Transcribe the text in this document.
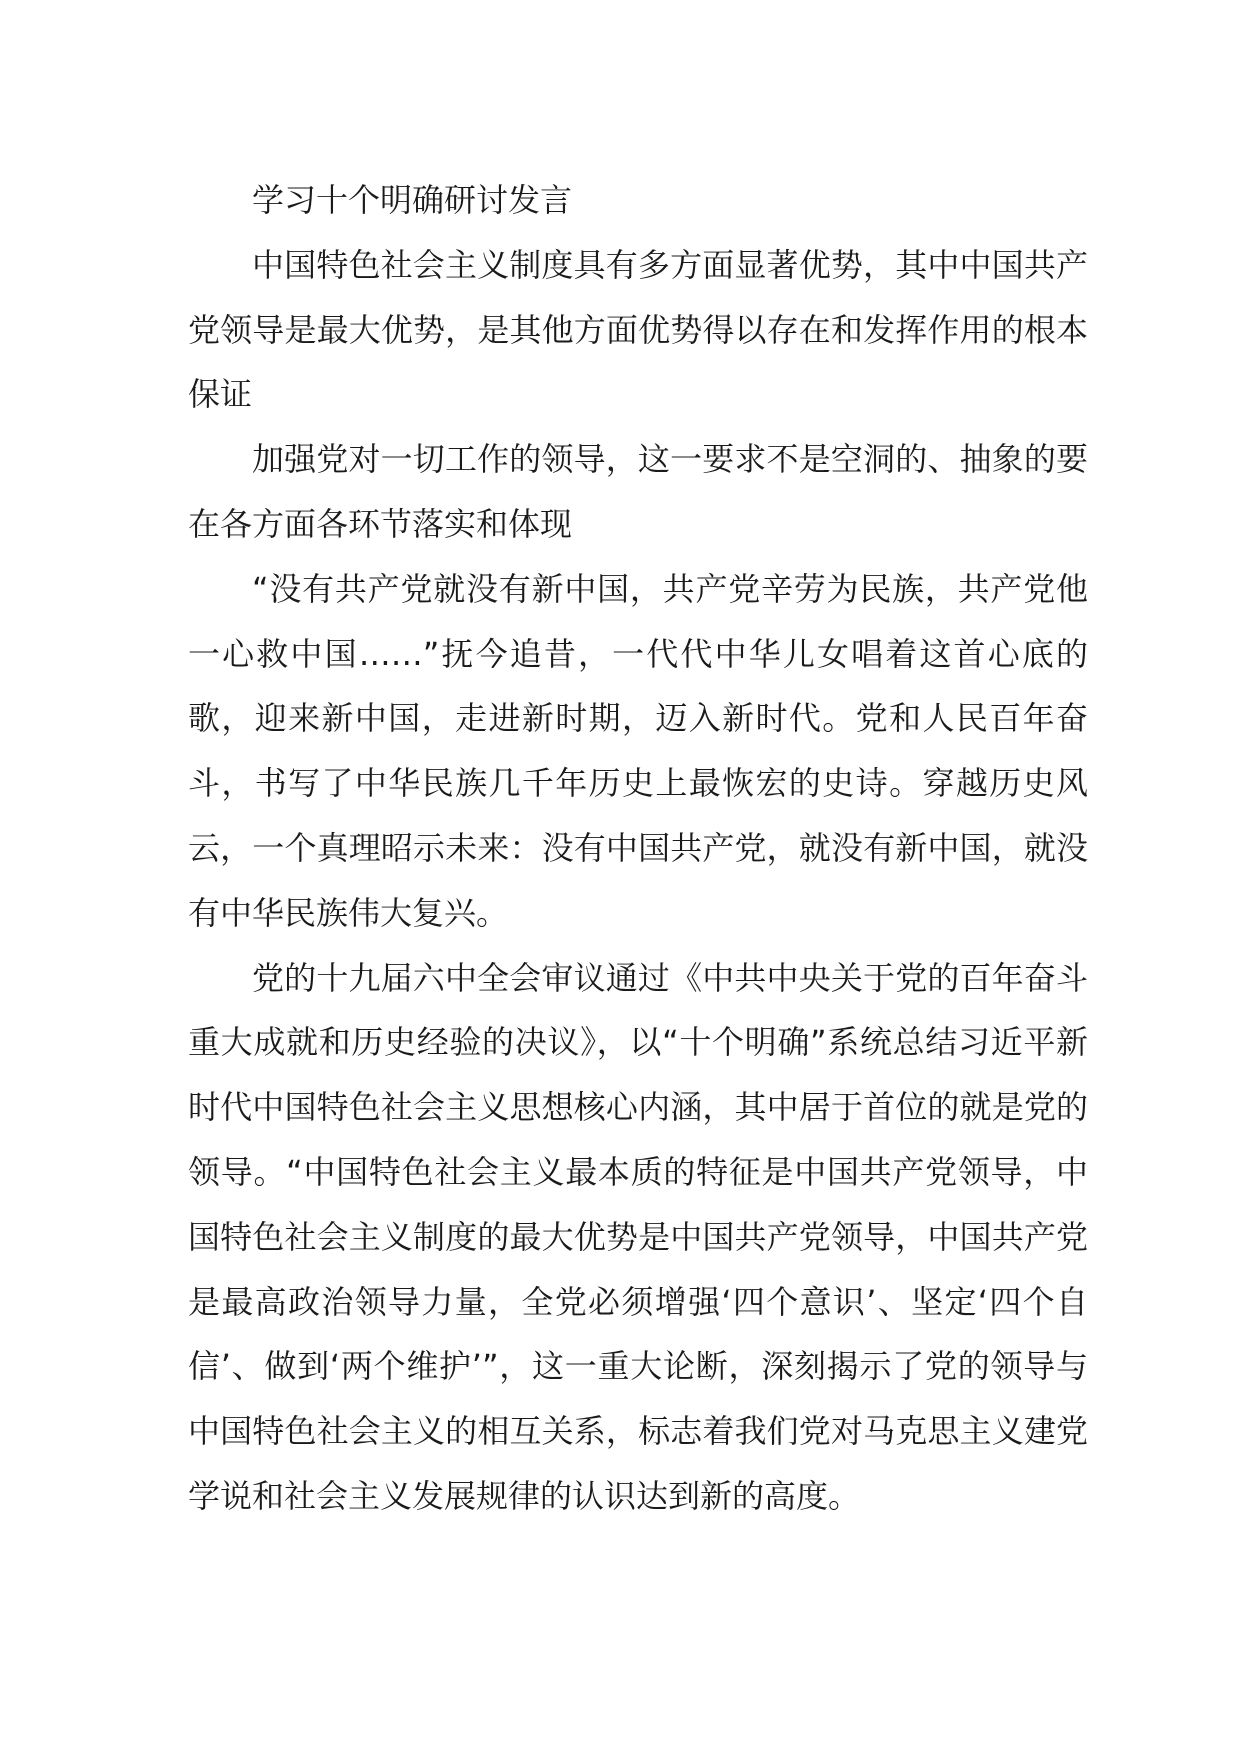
学习十个明确研讨发言

中国特色社会主义制度具有多方面显著优势，其中中国共产党领导是最大优势，是其他方面优势得以存在和发挥作用的根本保证

加强党对一切工作的领导，这一要求不是空洞的、抽象的要在各方面各环节落实和体现

“没有共产党就没有新中国，共产党辛劳为民族，共产党他一心救中国……”抚今追昔，一代代中华儿女唱着这首心底的歌，迎来新中国，走进新时期，迈入新时代。党和人民百年奋斗，书写了中华民族几千年历史上最恢宏的史诗。穿越历史风云，一个真理昭示未来：没有中国共产党，就没有新中国，就没有中华民族伟大复兴。

党的十九届六中全会审议通过《中共中央关于党的百年奋斗重大成就和历史经验的决议》，以“十个明确”系统总结习近平新时代中国特色社会主义思想核心内涵，其中居于首位的就是党的领导。“中国特色社会主义最本质的特征是中国共产党领导，中国特色社会主义制度的最大优势是中国共产党领导，中国共产党是最高政治领导力量，全党必须增强‘四个意识’、坚定‘四个自信’、做到‘两个维护’”，这一重大论断，深刻揭示了党的领导与中国特色社会主义的相互关系，标志着我们党对马克思主义建党学说和社会主义发展规律的认识达到新的高度。
